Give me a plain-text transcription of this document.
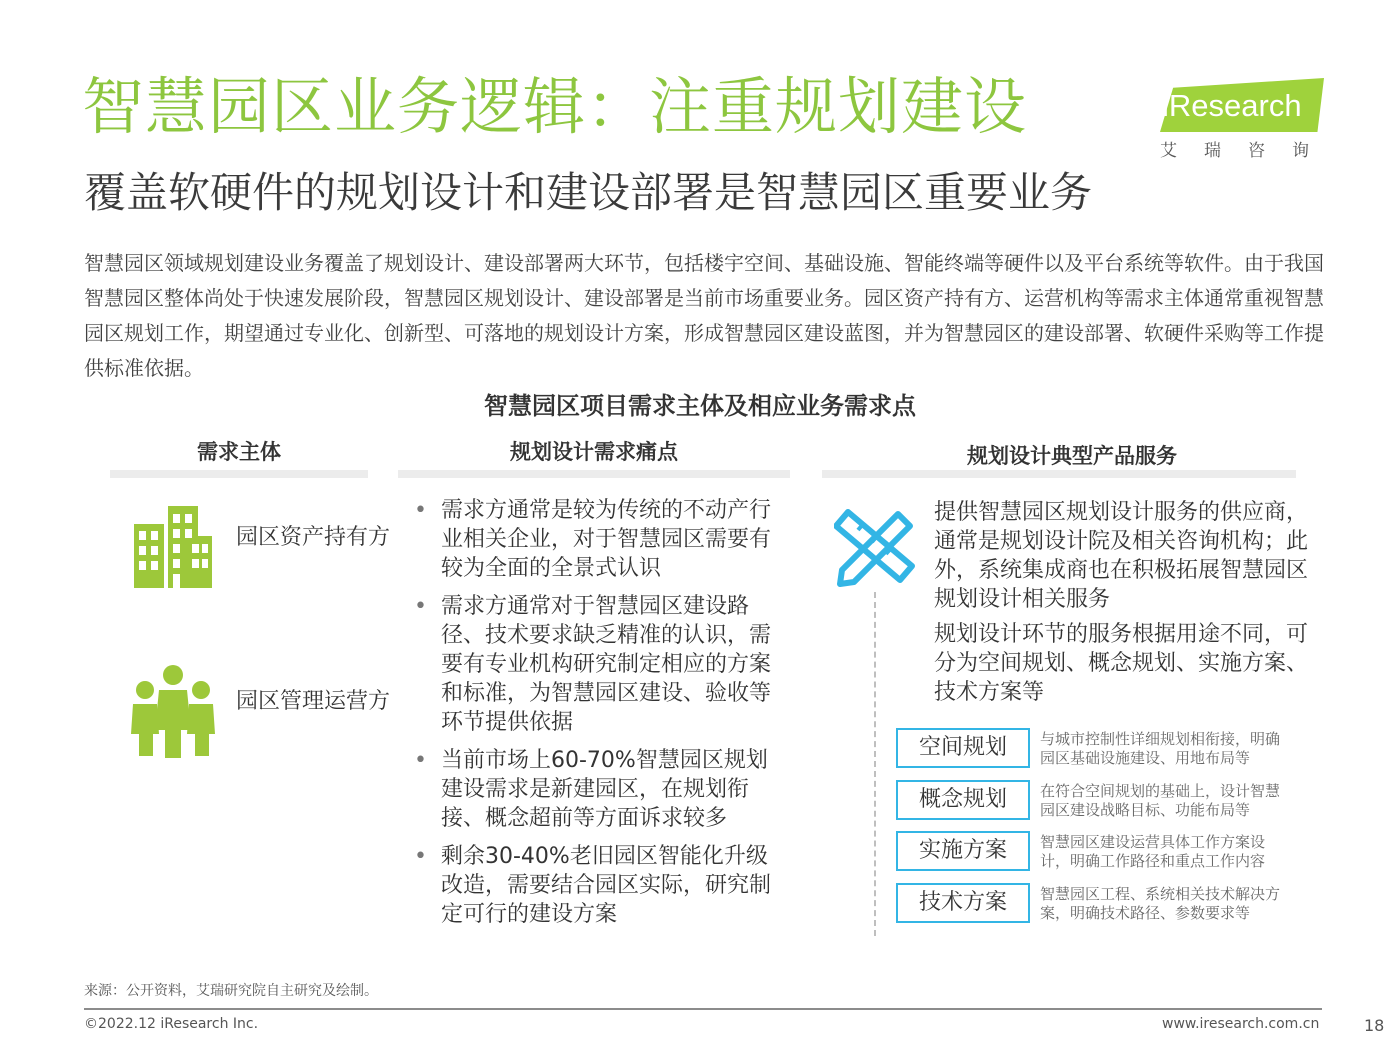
智慧园区业务逻辑：注重规划建设
覆盖软硬件的规划设计和建设部署是智慧园区重要业务
iResearch
艾瑞咨询
智慧园区领域规划建设业务覆盖了规划设计、建设部署两大环节，包括楼宇空间、基础设施、智能终端等硬件以及平台系统等软件。由于我国智慧园区整体尚处于快速发展阶段，智慧园区规划设计、建设部署是当前市场重要业务。园区资产持有方、运营机构等需求主体通常重视智慧园区规划工作，期望通过专业化、创新型、可落地的规划设计方案，形成智慧园区建设蓝图，并为智慧园区的建设部署、软硬件采购等工作提供标准依据。
智慧园区项目需求主体及相应业务需求点
需求主体	规划设计需求痛点	规划设计典型产品服务
园区资产持有方
园区管理运营方
• 需求方通常是较为传统的不动产行业相关企业，对于智慧园区需要有较为全面的全景式认识
• 需求方通常对于智慧园区建设路径、技术要求缺乏精准的认识，需要有专业机构研究制定相应的方案和标准，为智慧园区建设、验收等环节提供依据
• 当前市场上60-70%智慧园区规划建设需求是新建园区，在规划衔接、概念超前等方面诉求较多
• 剩余30-40%老旧园区智能化升级改造，需要结合园区实际，研究制定可行的建设方案
提供智慧园区规划设计服务的供应商，通常是规划设计院及相关咨询机构；此外，系统集成商也在积极拓展智慧园区规划设计相关服务
规划设计环节的服务根据用途不同，可分为空间规划、概念规划、实施方案、技术方案等
空间规划	与城市控制性详细规划相衔接，明确园区基础设施建设、用地布局等
概念规划	在符合空间规划的基础上，设计智慧园区建设战略目标、功能布局等
实施方案	智慧园区建设运营具体工作方案设计，明确工作路径和重点工作内容
技术方案	智慧园区工程、系统相关技术解决方案，明确技术路径、参数要求等
来源：公开资料，艾瑞研究院自主研究及绘制。
©2022.12 iResearch Inc.	www.iresearch.com.cn	18
